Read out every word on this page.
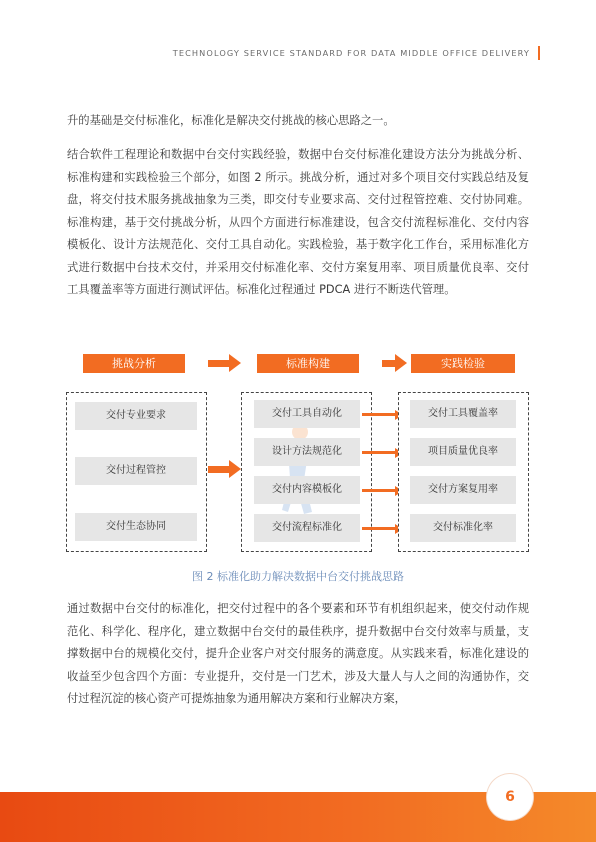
TECHNOLOGY SERVICE STANDARD FOR DATA MIDDLE OFFICE DELIVERY

升的基础是交付标准化，标准化是解决交付挑战的核心思路之一。

结合软件工程理论和数据中台交付实践经验，数据中台交付标准化建设方法分为挑战分析、标准构建和实践检验三个部分，如图 2 所示。挑战分析，通过对多个项目交付实践总结及复盘，将交付技术服务挑战抽象为三类，即交付专业要求高、交付过程管控难、交付协同难。标准构建，基于交付挑战分析，从四个方面进行标准建设，包含交付流程标准化、交付内容模板化、设计方法规范化、交付工具自动化。实践检验，基于数字化工作台，采用标准化方式进行数据中台技术交付，并采用交付标准化率、交付方案复用率、项目质量优良率、交付工具覆盖率等方面进行测试评估。标准化过程通过 PDCA 进行不断迭代管理。

挑战分析	标准构建	实践检验
交付专业要求
交付过程管控
交付生态协同
交付工具自动化
设计方法规范化
交付内容模板化
交付流程标准化
交付工具覆盖率
项目质量优良率
交付方案复用率
交付标准化率
图 2 标准化助力解决数据中台交付挑战思路

通过数据中台交付的标准化，把交付过程中的各个要素和环节有机组织起来，使交付动作规范化、科学化、程序化，建立数据中台交付的最佳秩序，提升数据中台交付效率与质量，支撑数据中台的规模化交付，提升企业客户对交付服务的满意度。从实践来看，标准化建设的收益至少包含四个方面：专业提升，交付是一门艺术，涉及大量人与人之间的沟通协作，交付过程沉淀的核心资产可提炼抽象为通用解决方案和行业解决方案，

6
